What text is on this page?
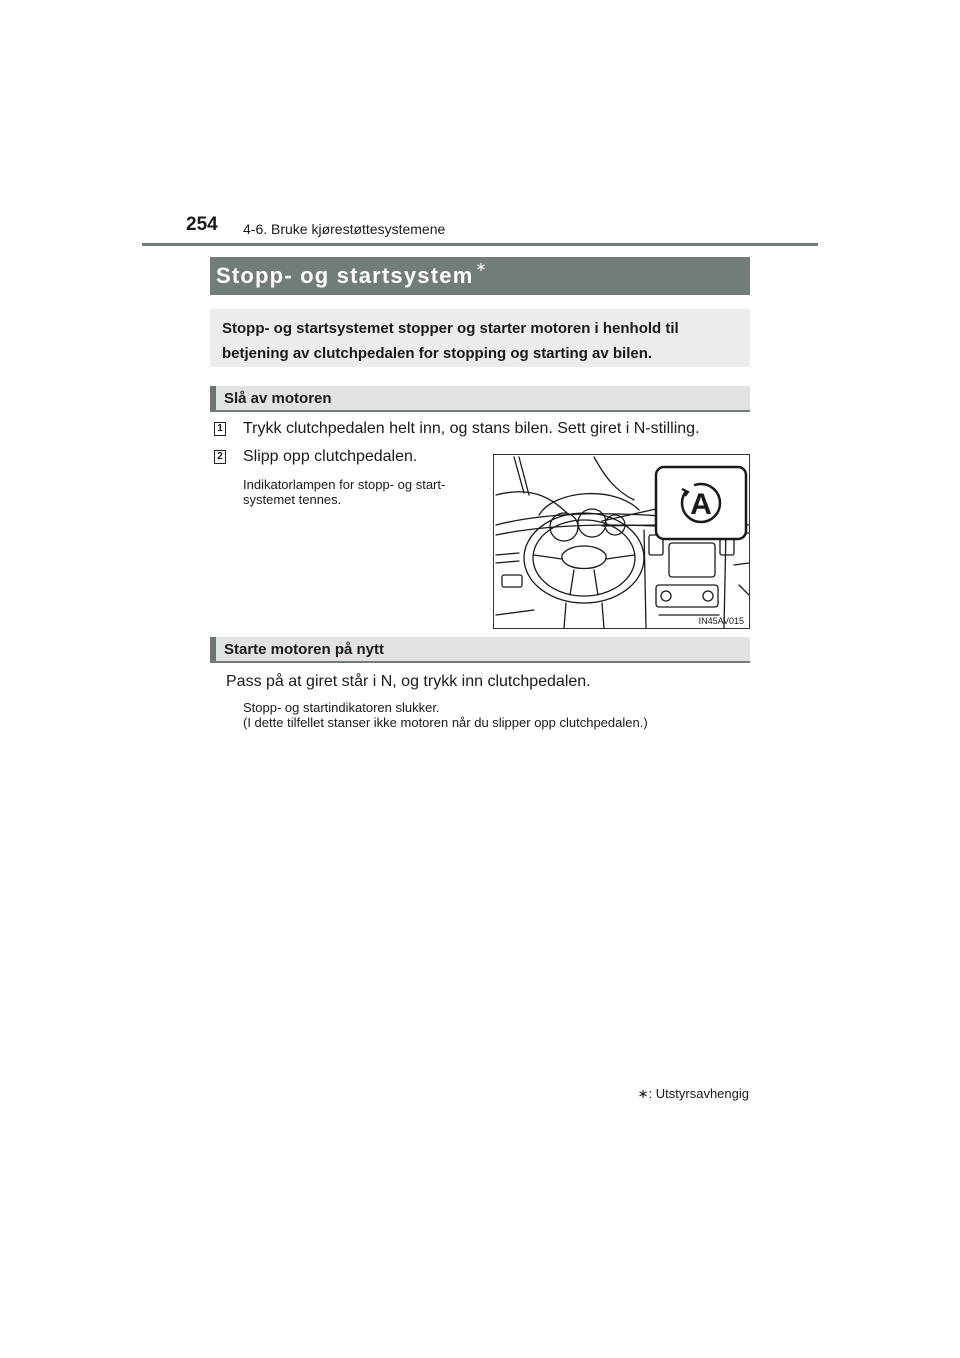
254 4-6. Bruke kjørestøttesystemene
Stopp- og startsystem ∗
Stopp- og startsystemet stopper og starter motoren i henhold til
betjening av clutchpedalen for stopping og starting av bilen.
Slå av motoren
1 Trykk clutchpedalen helt inn, og stans bilen. Sett giret i N-stilling.
2 Slipp opp clutchpedalen.
Indikatorlampen for stopp- og start-
systemet tennes.	A
IN45AV015
Starte motoren på nytt
Pass på at giret står i N, og trykk inn clutchpedalen.
Stopp- og startindikatoren slukker.
(I dette tilfellet stanser ikke motoren når du slipper opp clutchpedalen.)
∗: Utstyrsavhengig
